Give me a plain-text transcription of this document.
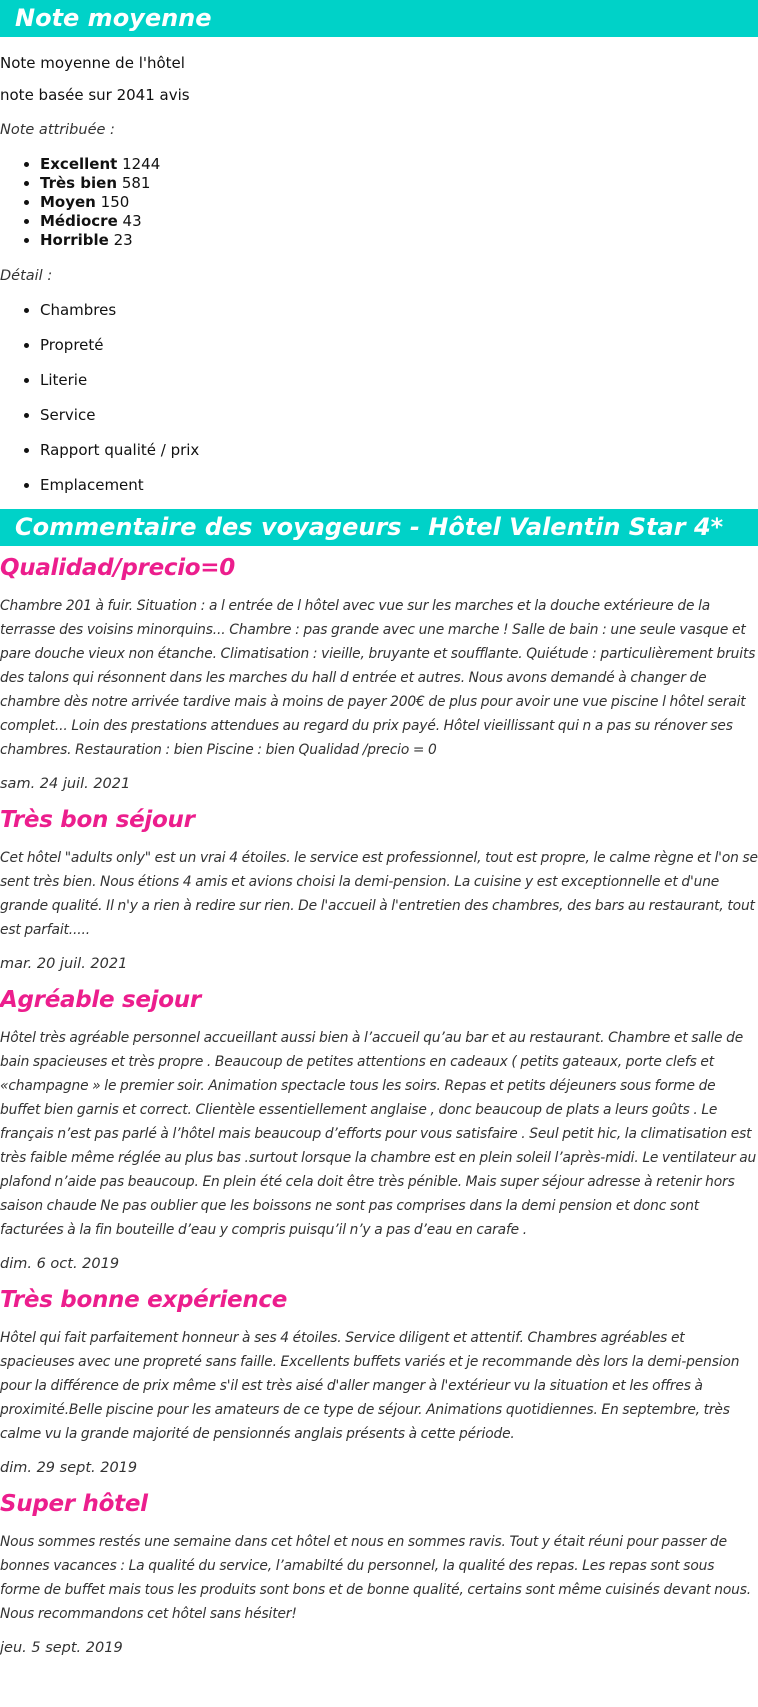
Note moyenne

Note moyenne de l'hôtel

note basée sur 2041 avis

Note attribuée :

• Excellent 1244
• Très bien 581
• Moyen 150
• Médiocre 43
• Horrible 23

Détail :

• Chambres
• Propreté
• Literie
• Service
• Rapport qualité / prix
• Emplacement
Commentaire des voyageurs - Hôtel Valentin Star 4*
Qualidad/precio=0

Chambre 201 à fuir. Situation : a l entrée de l hôtel avec vue sur les marches et la douche extérieure de la terrasse des voisins minorquins... Chambre : pas grande avec une marche ! Salle de bain : une seule vasque et pare douche vieux non étanche. Climatisation : vieille, bruyante et soufflante. Quiétude : particulièrement bruits des talons qui résonnent dans les marches du hall d entrée et autres. Nous avons demandé à changer de chambre dès notre arrivée tardive mais à moins de payer 200€ de plus pour avoir une vue piscine l hôtel serait complet... Loin des prestations attendues au regard du prix payé. Hôtel vieillissant qui n a pas su rénover ses chambres. Restauration : bien Piscine : bien Qualidad /precio = 0

sam. 24 juil. 2021

Très bon séjour

Cet hôtel "adults only" est un vrai 4 étoiles. le service est professionnel, tout est propre, le calme règne et l'on se sent très bien. Nous étions 4 amis et avions choisi la demi-pension. La cuisine y est exceptionnelle et d'une grande qualité. Il n'y a rien à redire sur rien. De l'accueil à l'entretien des chambres, des bars au restaurant, tout est parfait.....

mar. 20 juil. 2021

Agréable sejour

Hôtel très agréable personnel accueillant aussi bien à l’accueil qu’au bar et au restaurant. Chambre et salle de bain spacieuses et très propre . Beaucoup de petites attentions en cadeaux ( petits gateaux, porte clefs et «champagne » le premier soir. Animation spectacle tous les soirs. Repas et petits déjeuners sous forme de buffet bien garnis et correct. Clientèle essentiellement anglaise , donc beaucoup de plats a leurs goûts . Le français n’est pas parlé à l’hôtel mais beaucoup d’efforts pour vous satisfaire . Seul petit hic, la climatisation est très faible même réglée au plus bas .surtout lorsque la chambre est en plein soleil l’après-midi. Le ventilateur au plafond n’aide pas beaucoup. En plein été cela doit être très pénible. Mais super séjour adresse à retenir hors saison chaude Ne pas oublier que les boissons ne sont pas comprises dans la demi pension et donc sont facturées à la fin bouteille d’eau y compris puisqu’il n’y a pas d’eau en carafe .

dim. 6 oct. 2019

Très bonne expérience

Hôtel qui fait parfaitement honneur à ses 4 étoiles. Service diligent et attentif. Chambres agréables et spacieuses avec une propreté sans faille. Excellents buffets variés et je recommande dès lors la demi-pension pour la différence de prix même s'il est très aisé d'aller manger à l'extérieur vu la situation et les offres à proximité.Belle piscine pour les amateurs de ce type de séjour. Animations quotidiennes. En septembre, très calme vu la grande majorité de pensionnés anglais présents à cette période.

dim. 29 sept. 2019

Super hôtel

Nous sommes restés une semaine dans cet hôtel et nous en sommes ravis. Tout y était réuni pour passer de bonnes vacances : La qualité du service, l’amabilté du personnel, la qualité des repas. Les repas sont sous forme de buffet mais tous les produits sont bons et de bonne qualité, certains sont même cuisinés devant nous. Nous recommandons cet hôtel sans hésiter!

jeu. 5 sept. 2019
